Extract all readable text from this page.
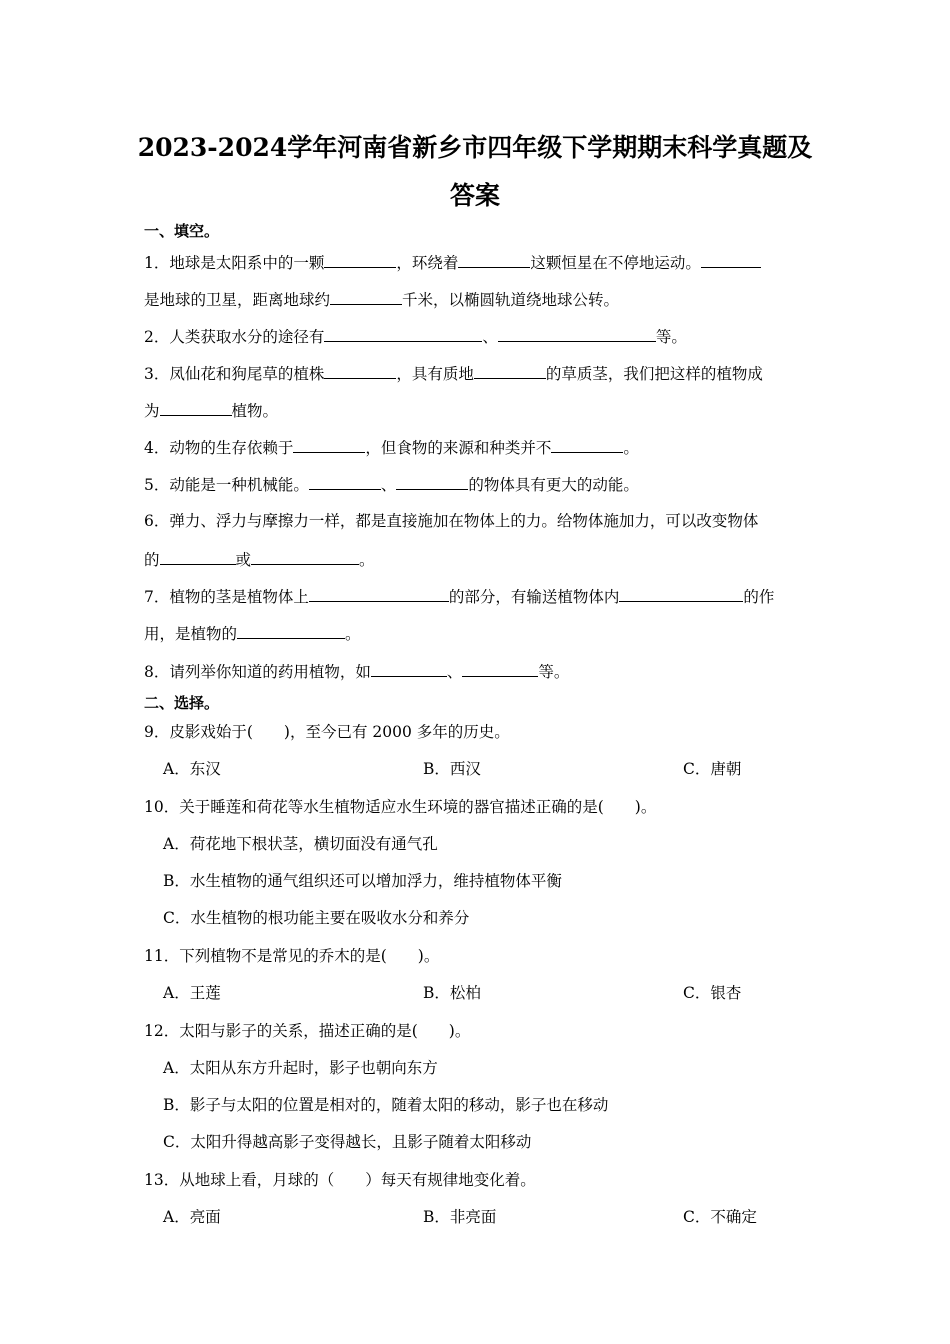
2023-2024学年河南省新乡市四年级下学期期末科学真题及
答案
一、填空。
1．地球是太阳系中的一颗	，环绕着	这颗恒星在不停地运动。
是地球的卫星，距离地球约	千米，以椭圆轨道绕地球公转。
2．人类获取水分的途径有	、	等。
3．凤仙花和狗尾草的植株	，具有质地	的草质茎，我们把这样的植物成
为	植物。
4．动物的生存依赖于	，但食物的来源和种类并不	。
5．动能是一种机械能。	、	的物体具有更大的动能。
6．弹力、浮力与摩擦力一样，都是直接施加在物体上的力。给物体施加力，可以改变物体
的	或	。
7．植物的茎是植物体上	的部分，有输送植物体内	的作
用，是植物的	。
8．请列举你知道的药用植物，如	、	等。
二、选择。
9．皮影戏始于(　　)，至今已有 2000 多年的历史。
A．东汉	B．西汉	C．唐朝
10．关于睡莲和荷花等水生植物适应水生环境的器官描述正确的是(　　)。
A．荷花地下根状茎，横切面没有通气孔
B．水生植物的通气组织还可以增加浮力，维持植物体平衡
C．水生植物的根功能主要在吸收水分和养分
11．下列植物不是常见的乔木的是(　　)。
A．王莲	B．松柏	C．银杏
12．太阳与影子的关系，描述正确的是(　　)。
A．太阳从东方升起时，影子也朝向东方
B．影子与太阳的位置是相对的，随着太阳的移动，影子也在移动
C．太阳升得越高影子变得越长，且影子随着太阳移动
13．从地球上看，月球的（　　）每天有规律地变化着。
A．亮面	B．非亮面	C．不确定
